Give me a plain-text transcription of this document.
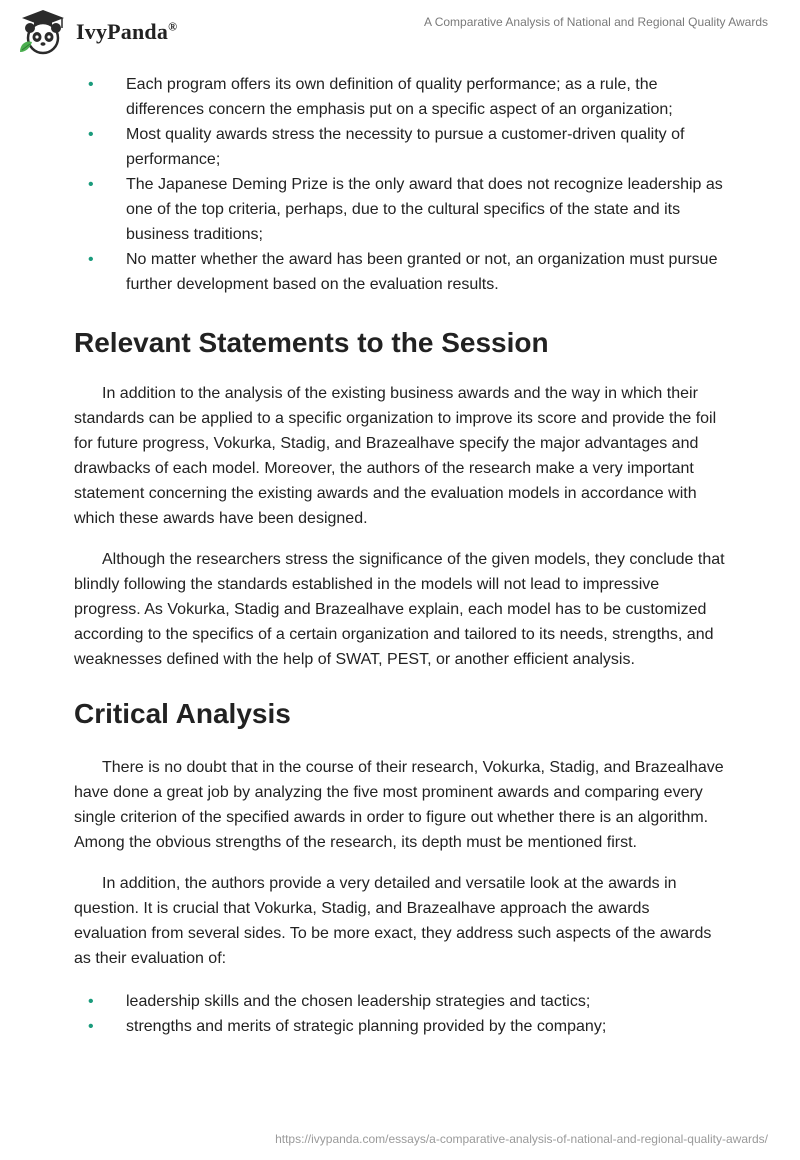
IvyPanda®	A Comparative Analysis of National and Regional Quality Awards
• Each program offers its own definition of quality performance; as a rule, the differences concern the emphasis put on a specific aspect of an organization;
• Most quality awards stress the necessity to pursue a customer-driven quality of performance;
• The Japanese Deming Prize is the only award that does not recognize leadership as one of the top criteria, perhaps, due to the cultural specifics of the state and its business traditions;
• No matter whether the award has been granted or not, an organization must pursue further development based on the evaluation results.
Relevant Statements to the Session

In addition to the analysis of the existing business awards and the way in which their standards can be applied to a specific organization to improve its score and provide the foil for future progress, Vokurka, Stadig, and Brazealhave specify the major advantages and drawbacks of each model. Moreover, the authors of the research make a very important statement concerning the existing awards and the evaluation models in accordance with which these awards have been designed.

Although the researchers stress the significance of the given models, they conclude that blindly following the standards established in the models will not lead to impressive progress. As Vokurka, Stadig and Brazealhave explain, each model has to be customized according to the specifics of a certain organization and tailored to its needs, strengths, and weaknesses defined with the help of SWAT, PEST, or another efficient analysis.

Critical Analysis

There is no doubt that in the course of their research, Vokurka, Stadig, and Brazealhave have done a great job by analyzing the five most prominent awards and comparing every single criterion of the specified awards in order to figure out whether there is an algorithm. Among the obvious strengths of the research, its depth must be mentioned first.

In addition, the authors provide a very detailed and versatile look at the awards in question. It is crucial that Vokurka, Stadig, and Brazealhave approach the awards evaluation from several sides. To be more exact, they address such aspects of the awards as their evaluation of:

• leadership skills and the chosen leadership strategies and tactics;
• strengths and merits of strategic planning provided by the company;
https://ivypanda.com/essays/a-comparative-analysis-of-national-and-regional-quality-awards/
